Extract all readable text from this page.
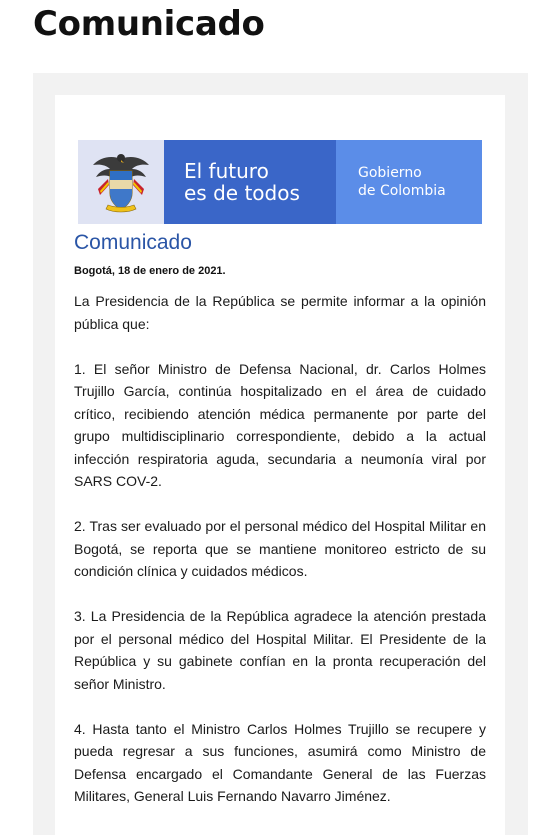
Comunicado
El futuro
es de todos
Gobierno
de Colombia
Comunicado
Bogotá, 18 de enero de 2021.

La Presidencia de la República se permite informar a la opinión pública que:

1. El señor Ministro de Defensa Nacional, dr. Carlos Holmes Trujillo García, continúa hospitalizado en el área de cuidado crítico, recibiendo atención médica permanente por parte del grupo multidisciplinario correspondiente, debido a la actual infección respiratoria aguda, secundaria a neumonía viral por SARS COV-2.

2. Tras ser evaluado por el personal médico del Hospital Militar en Bogotá, se reporta que se mantiene monitoreo estricto de su condición clínica y cuidados médicos.

3. La Presidencia de la República agradece la atención prestada por el personal médico del Hospital Militar. El Presidente de la República y su gabinete confían en la pronta recuperación del señor Ministro.

4. Hasta tanto el Ministro Carlos Holmes Trujillo se recupere y pueda regresar a sus funciones, asumirá como Ministro de Defensa encargado el Comandante General de las Fuerzas Militares, General Luis Fernando Navarro Jiménez.
